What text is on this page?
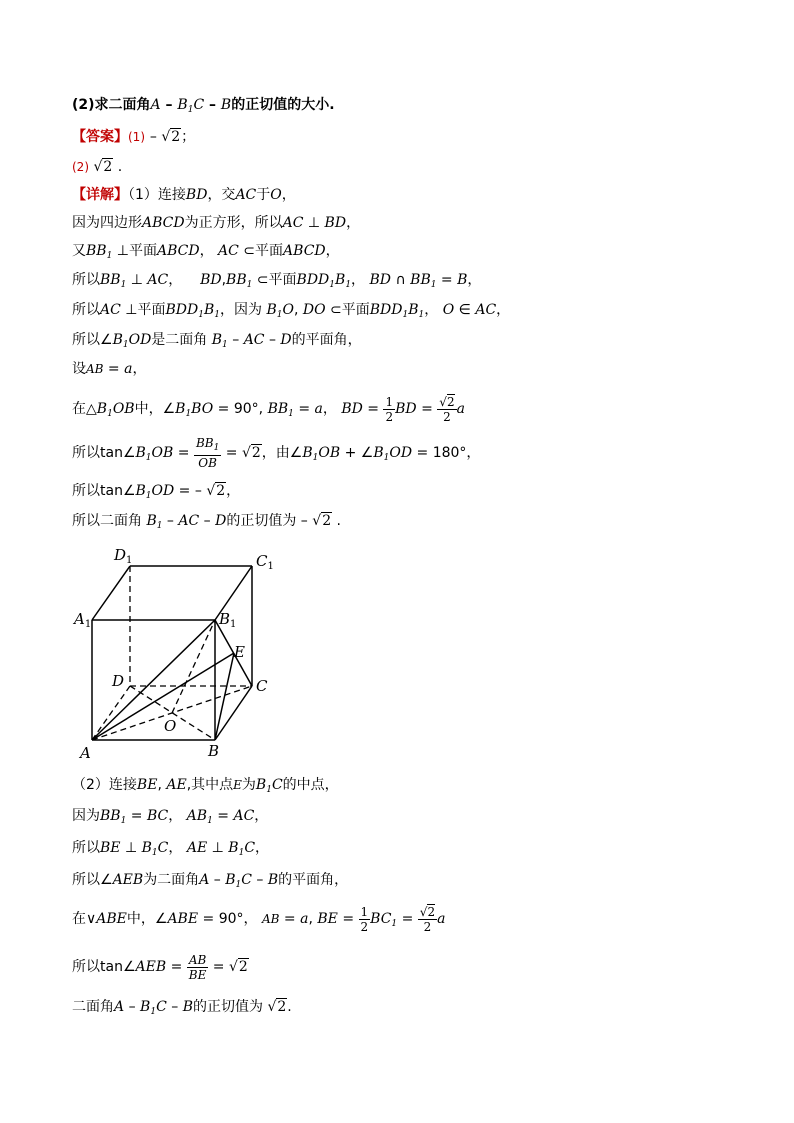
(2)求二面角A – $B_1C$ – B的正切值的大小.
【答案】(1) – √2；
(2) √2 .
【详解】（1）连接BD，交AC于O，
因为四边形ABCD为正方形，所以AC ⊥ BD，
又$BB_1$ ⊥平面ABCD， AC ⊂平面ABCD，
所以$BB_1$ ⊥ AC，    $BD,BB_1$ ⊂平面$BDD_1B_1$， BD ∩ $BB_1 = B$，
所以AC ⊥平面$BDD_1B_1$，因为 $B_1O$, DO ⊂平面$BDD_1B_1$， O ∈ AC，
所以$\angle B_1OD$是二面角 $B_1$ – AC – D的平面角，
设AB = a，
在$\triangle B_1OB$中，$\angle B_1BO = 90^\circ$, $BB_1 = a$， BD = $\frac{1}{2}$ BD = $\frac{√2}{2}$ a
所以$\tan\angle B_1OB = \frac{BB_1}{OB} = √2$，由$\angle B_1OB$ + $\angle B_1OD = 180^\circ$，
所以$\tan\angle B_1OD$ = – √2，
所以二面角 $B_1$ – AC – D的正切值为 – √2 .
$D_1$	$C_1$
$A_1$	$B_1$
E
D	C
O
A	B
（2）连接BE, AE,其中点E为$B_1C$的中点，
因为$BB_1$ = BC， $AB_1$ = AC，
所以BE ⊥ $B_1C$， AE ⊥ $B_1C$，
所以∠AEB为二面角A – $B_1C$ – B的平面角，
在∨ABE中，∠ABE = 90°， AB = a, BE = $\frac{1}{2} BC_1 = \frac{√2}{2}$ a
所以tan∠AEB = $\frac{AB}{BE} = √2$
二面角A – $B_1C$ – B的正切值为 √2.
